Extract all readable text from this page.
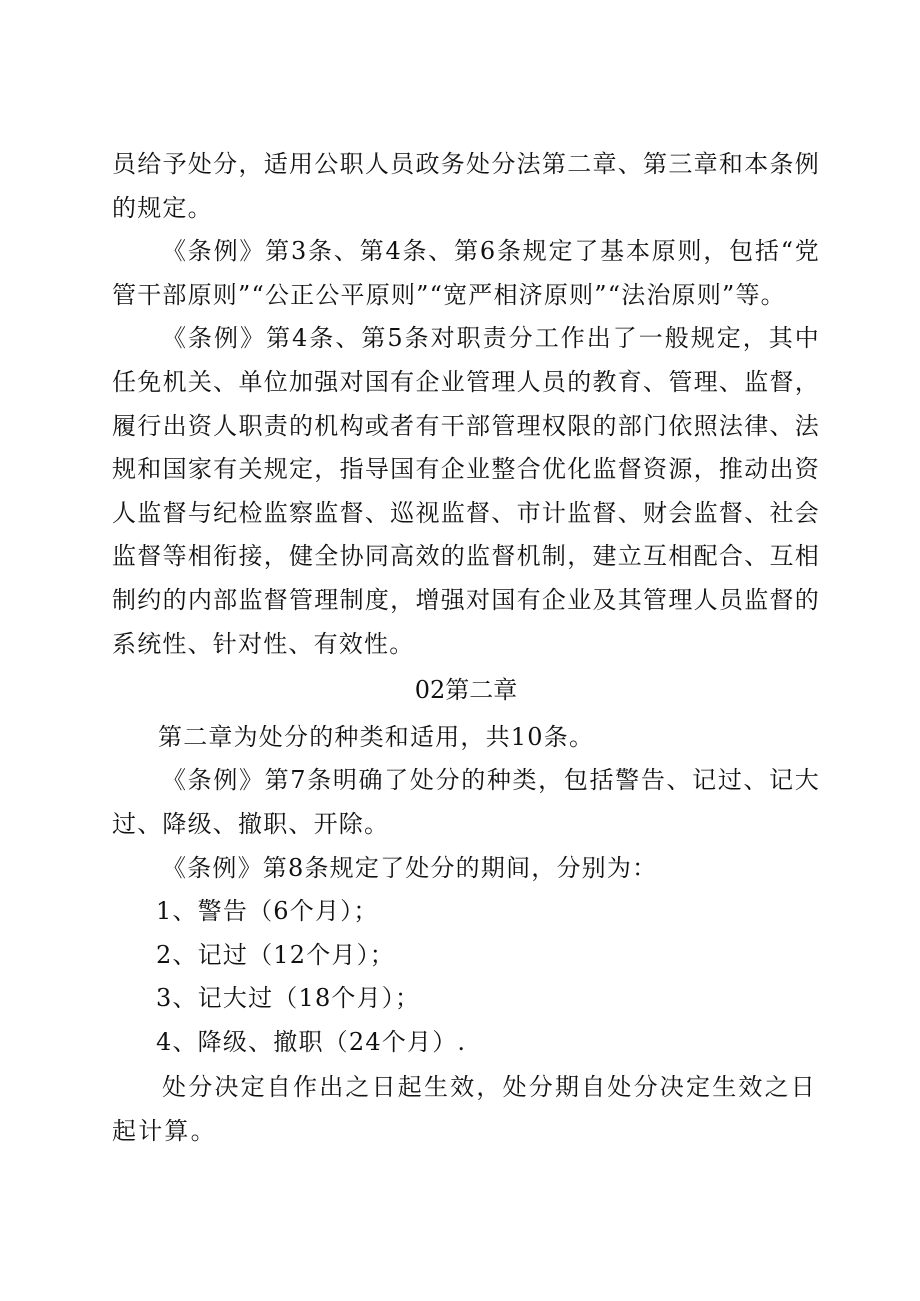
员给予处分，适用公职人员政务处分法第二章、第三章和本条例的规定。

《条例》第3条、第4条、第6条规定了基本原则，包括“党管干部原则”“公正公平原则”“宽严相济原则”“法治原则”等。

《条例》第4条、第5条对职责分工作出了一般规定，其中任免机关、单位加强对国有企业管理人员的教育、管理、监督，履行出资人职责的机构或者有干部管理权限的部门依照法律、法规和国家有关规定，指导国有企业整合优化监督资源，推动出资人监督与纪检监察监督、巡视监督、市计监督、财会监督、社会监督等相衔接，健全协同高效的监督机制，建立互相配合、互相制约的内部监督管理制度，增强对国有企业及其管理人员监督的系统性、针对性、有效性。

02第二章

第二章为处分的种类和适用，共10条。

《条例》第7条明确了处分的种类，包括警告、记过、记大过、降级、撤职、开除。

《条例》第8条规定了处分的期间，分别为：

1、警告（6个月）；

2、记过（12个月）；

3、记大过（18个月）；

4、降级、撤职（24个月）.

处分决定自作出之日起生效，处分期自处分决定生效之日起计算。
